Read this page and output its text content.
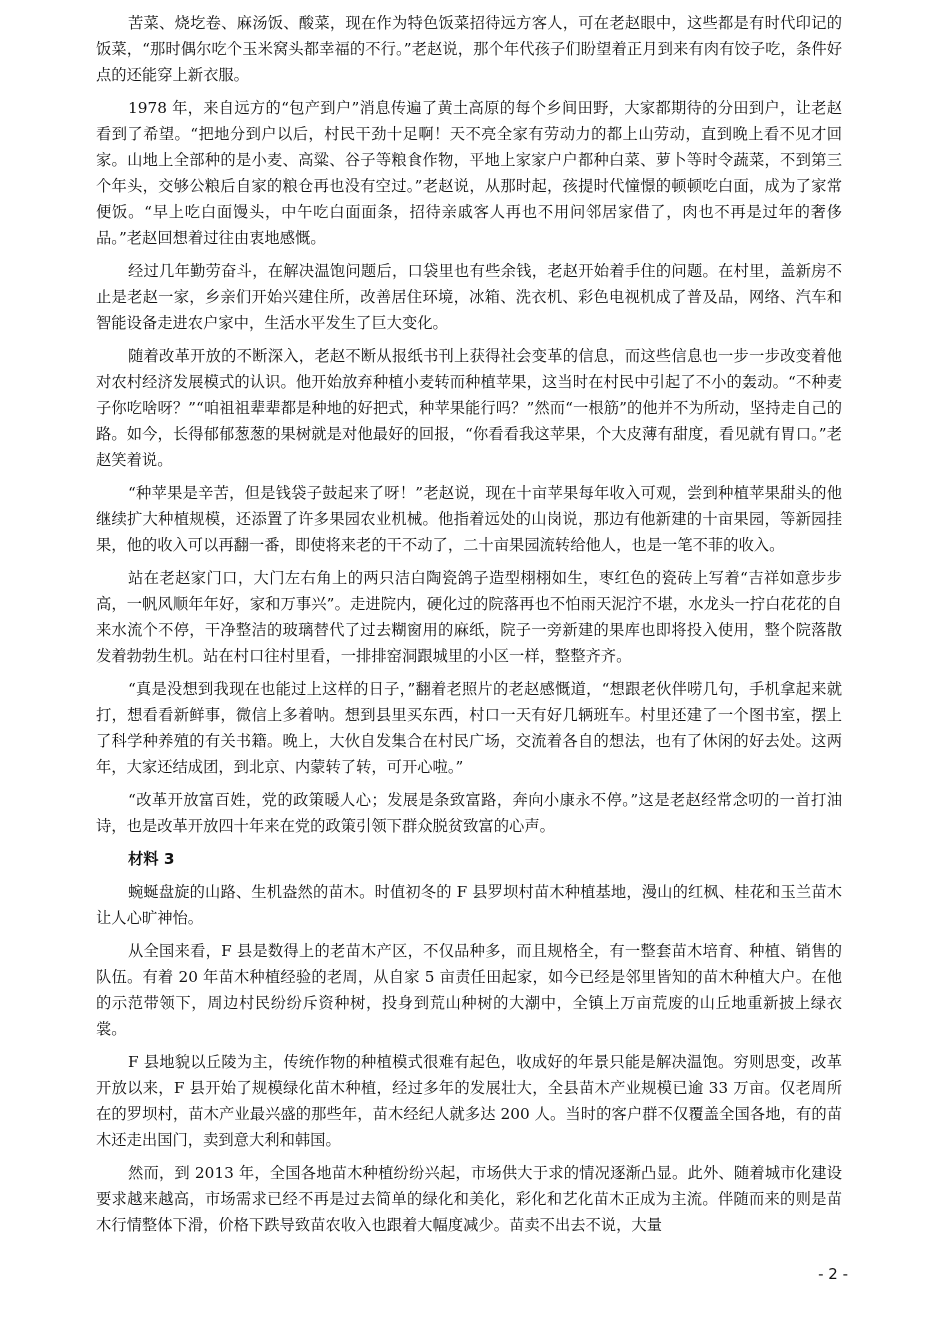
苦菜、烧圪卷、麻汤饭、酸菜，现在作为特色饭菜招待远方客人，可在老赵眼中，这些都是有时代印记的饭菜，“那时偶尔吃个玉米窝头都幸福的不行。”老赵说，那个年代孩子们盼望着正月到来有肉有饺子吃，条件好点的还能穿上新衣服。

1978 年，来自远方的“包产到户”消息传遍了黄土高原的每个乡间田野，大家都期待的分田到户，让老赵看到了希望。“把地分到户以后，村民干劲十足啊！天不亮全家有劳动力的都上山劳动，直到晚上看不见才回家。山地上全部种的是小麦、高粱、谷子等粮食作物，平地上家家户户都种白菜、萝卜等时令蔬菜，不到第三个年头，交够公粮后自家的粮仓再也没有空过。”老赵说，从那时起，孩提时代憧憬的顿顿吃白面，成为了家常便饭。“早上吃白面馒头，中午吃白面面条，招待亲戚客人再也不用问邻居家借了，肉也不再是过年的奢侈品。”老赵回想着过往由衷地感慨。

经过几年勤劳奋斗，在解决温饱问题后，口袋里也有些余钱，老赵开始着手住的问题。在村里，盖新房不止是老赵一家，乡亲们开始兴建住所，改善居住环境，冰箱、洗衣机、彩色电视机成了普及品，网络、汽车和智能设备走进农户家中，生活水平发生了巨大变化。

随着改革开放的不断深入，老赵不断从报纸书刊上获得社会变革的信息，而这些信息也一步一步改变着他对农村经济发展模式的认识。他开始放弃种植小麦转而种植苹果，这当时在村民中引起了不小的轰动。“不种麦子你吃啥呀？”“咱祖祖辈辈都是种地的好把式，种苹果能行吗？”然而“一根筋”的他并不为所动，坚持走自己的路。如今，长得郁郁葱葱的果树就是对他最好的回报，“你看看我这苹果，个大皮薄有甜度，看见就有胃口。”老赵笑着说。

“种苹果是辛苦，但是钱袋子鼓起来了呀！”老赵说，现在十亩苹果每年收入可观，尝到种植苹果甜头的他继续扩大种植规模，还添置了许多果园农业机械。他指着远处的山岗说，那边有他新建的十亩果园，等新园挂果，他的收入可以再翻一番，即使将来老的干不动了，二十亩果园流转给他人，也是一笔不菲的收入。

站在老赵家门口，大门左右角上的两只洁白陶瓷鸽子造型栩栩如生，枣红色的瓷砖上写着“吉祥如意步步高，一帆风顺年年好，家和万事兴”。走进院内，硬化过的院落再也不怕雨天泥泞不堪，水龙头一拧白花花的自来水流个不停，干净整洁的玻璃替代了过去糊窗用的麻纸，院子一旁新建的果库也即将投入使用，整个院落散发着勃勃生机。站在村口往村里看，一排排窑洞跟城里的小区一样，整整齐齐。

“真是没想到我现在也能过上这样的日子，”翻着老照片的老赵感慨道，“想跟老伙伴唠几句，手机拿起来就打，想看看新鲜事，微信上多着呐。想到县里买东西，村口一天有好几辆班车。村里还建了一个图书室，摆上了科学种养殖的有关书籍。晚上，大伙自发集合在村民广场，交流着各自的想法，也有了休闲的好去处。这两年，大家还结成团，到北京、内蒙转了转，可开心啦。”

“改革开放富百姓，党的政策暖人心；发展是条致富路，奔向小康永不停。”这是老赵经常念叨的一首打油诗，也是改革开放四十年来在党的政策引领下群众脱贫致富的心声。

材料 3

蜿蜒盘旋的山路、生机盎然的苗木。时值初冬的 F 县罗坝村苗木种植基地，漫山的红枫、桂花和玉兰苗木让人心旷神怡。

从全国来看，F 县是数得上的老苗木产区，不仅品种多，而且规格全，有一整套苗木培育、种植、销售的队伍。有着 20 年苗木种植经验的老周，从自家 5 亩责任田起家，如今已经是邻里皆知的苗木种植大户。在他的示范带领下，周边村民纷纷斥资种树，投身到荒山种树的大潮中，全镇上万亩荒废的山丘地重新披上绿衣裳。

F 县地貌以丘陵为主，传统作物的种植模式很难有起色，收成好的年景只能是解决温饱。穷则思变，改革开放以来，F 县开始了规模绿化苗木种植，经过多年的发展壮大，全县苗木产业规模已逾 33 万亩。仅老周所在的罗坝村，苗木产业最兴盛的那些年，苗木经纪人就多达 200 人。当时的客户群不仅覆盖全国各地，有的苗木还走出国门，卖到意大利和韩国。

然而，到 2013 年，全国各地苗木种植纷纷兴起，市场供大于求的情况逐渐凸显。此外、随着城市化建设要求越来越高，市场需求已经不再是过去简单的绿化和美化，彩化和艺化苗木正成为主流。伴随而来的则是苗木行情整体下滑，价格下跌导致苗农收入也跟着大幅度减少。苗卖不出去不说，大量

- 2 -
